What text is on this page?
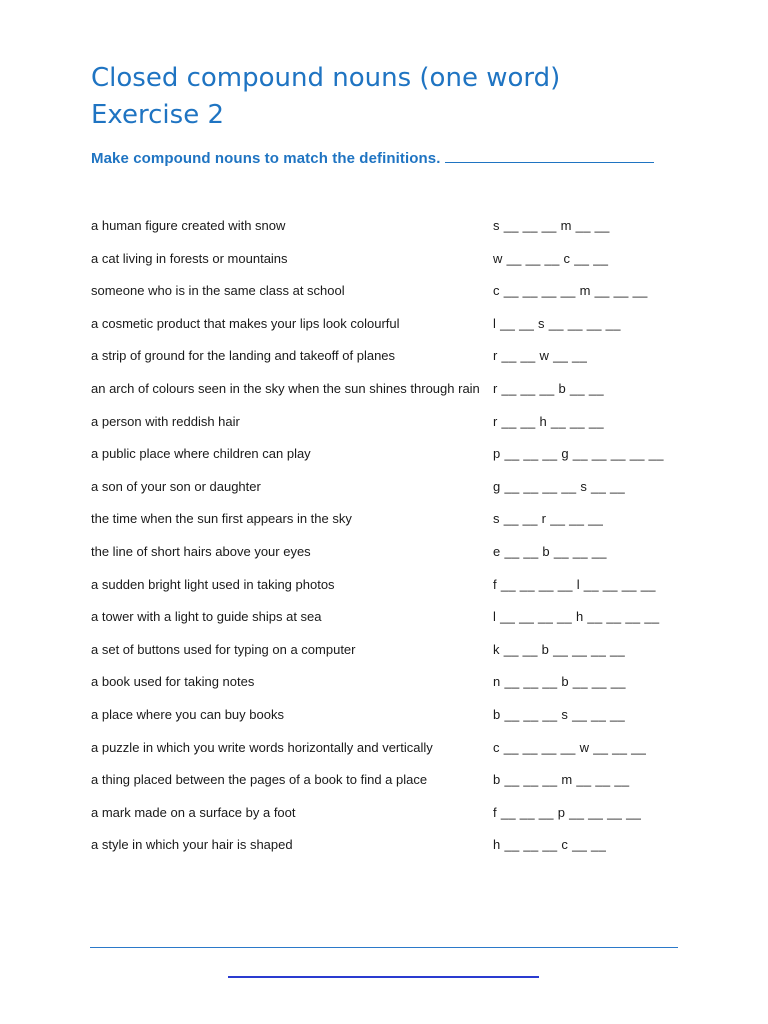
Closed compound nouns (one word)
Exercise 2

Make compound nouns to match the definitions.

a human figure created with snow	s __ __ __ m __ __
a cat living in forests or mountains	w __ __ __ c __ __
someone who is in the same class at school	c __ __ __ __ m __ __ __
a cosmetic product that makes your lips look colourful	l __ __ s __ __ __ __
a strip of ground for the landing and takeoff of planes	r __ __ w __ __
an arch of colours seen in the sky when the sun shines through rain r __ __ __ b __ __
a person with reddish hair	r __ __ h __ __ __
a public place where children can play	p __ __ __ g __ __ __ __ __
a son of your son or daughter	g __ __ __ __ s __ __
the time when the sun first appears in the sky	s __ __ r __ __ __
the line of short hairs above your eyes	e __ __ b __ __ __
a sudden bright light used in taking photos	f __ __ __ __ l __ __ __ __
a tower with a light to guide ships at sea	l __ __ __ __ h __ __ __ __
a set of buttons used for typing on a computer	k __ __ b __ __ __ __
a book used for taking notes	n __ __ __ b __ __ __
a place where you can buy books	b __ __ __ s __ __ __
a puzzle in which you write words horizontally and vertically	c __ __ __ __ w __ __ __
a thing placed between the pages of a book to find a place	b __ __ __ m __ __ __
a mark made on a surface by a foot	f __ __ __ p __ __ __ __
a style in which your hair is shaped	h __ __ __ c __ __
